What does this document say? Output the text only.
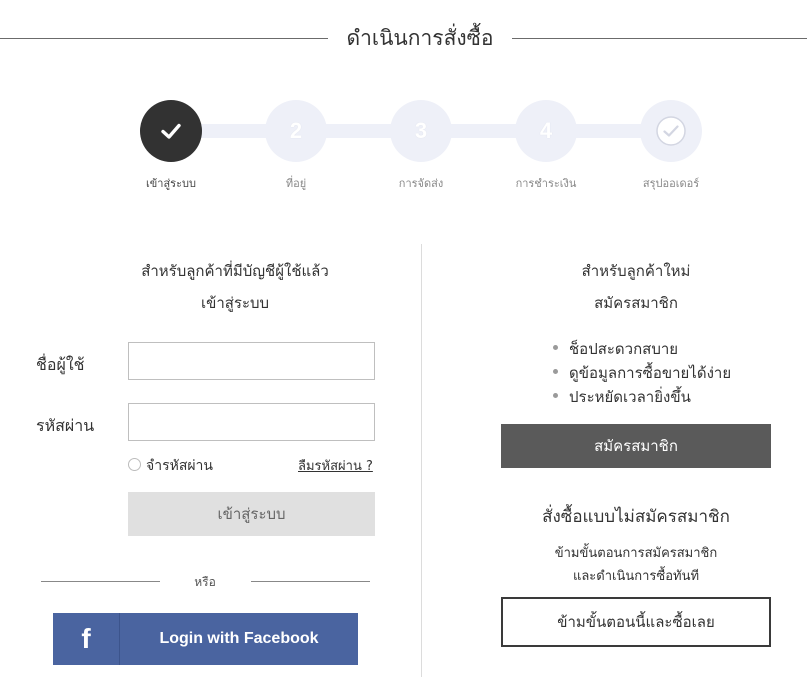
ดำเนินการสั่งซื้อ
2	3	4
เข้าสู่ระบบ	ที่อยู่	การจัดส่ง	การชำระเงิน	สรุปออเดอร์
สำหรับลูกค้าที่มีบัญชีผู้ใช้แล้ว
เข้าสู่ระบบ
ชื่อผู้ใช้
รหัสผ่าน
จำรหัสผ่าน	ลืมรหัสผ่าน ?
เข้าสู่ระบบ
หรือ
f	Login with Facebook
สำหรับลูกค้าใหม่
สมัครสมาชิก
ช็อปสะดวกสบาย
ดูข้อมูลการซื้อขายได้ง่าย
ประหยัดเวลายิ่งขึ้น
สมัครสมาชิก
สั่งซื้อแบบไม่สมัครสมาชิก
ข้ามขั้นตอนการสมัครสมาชิก
และดำเนินการซื้อทันที
ข้ามขั้นตอนนี้และซื้อเลย
